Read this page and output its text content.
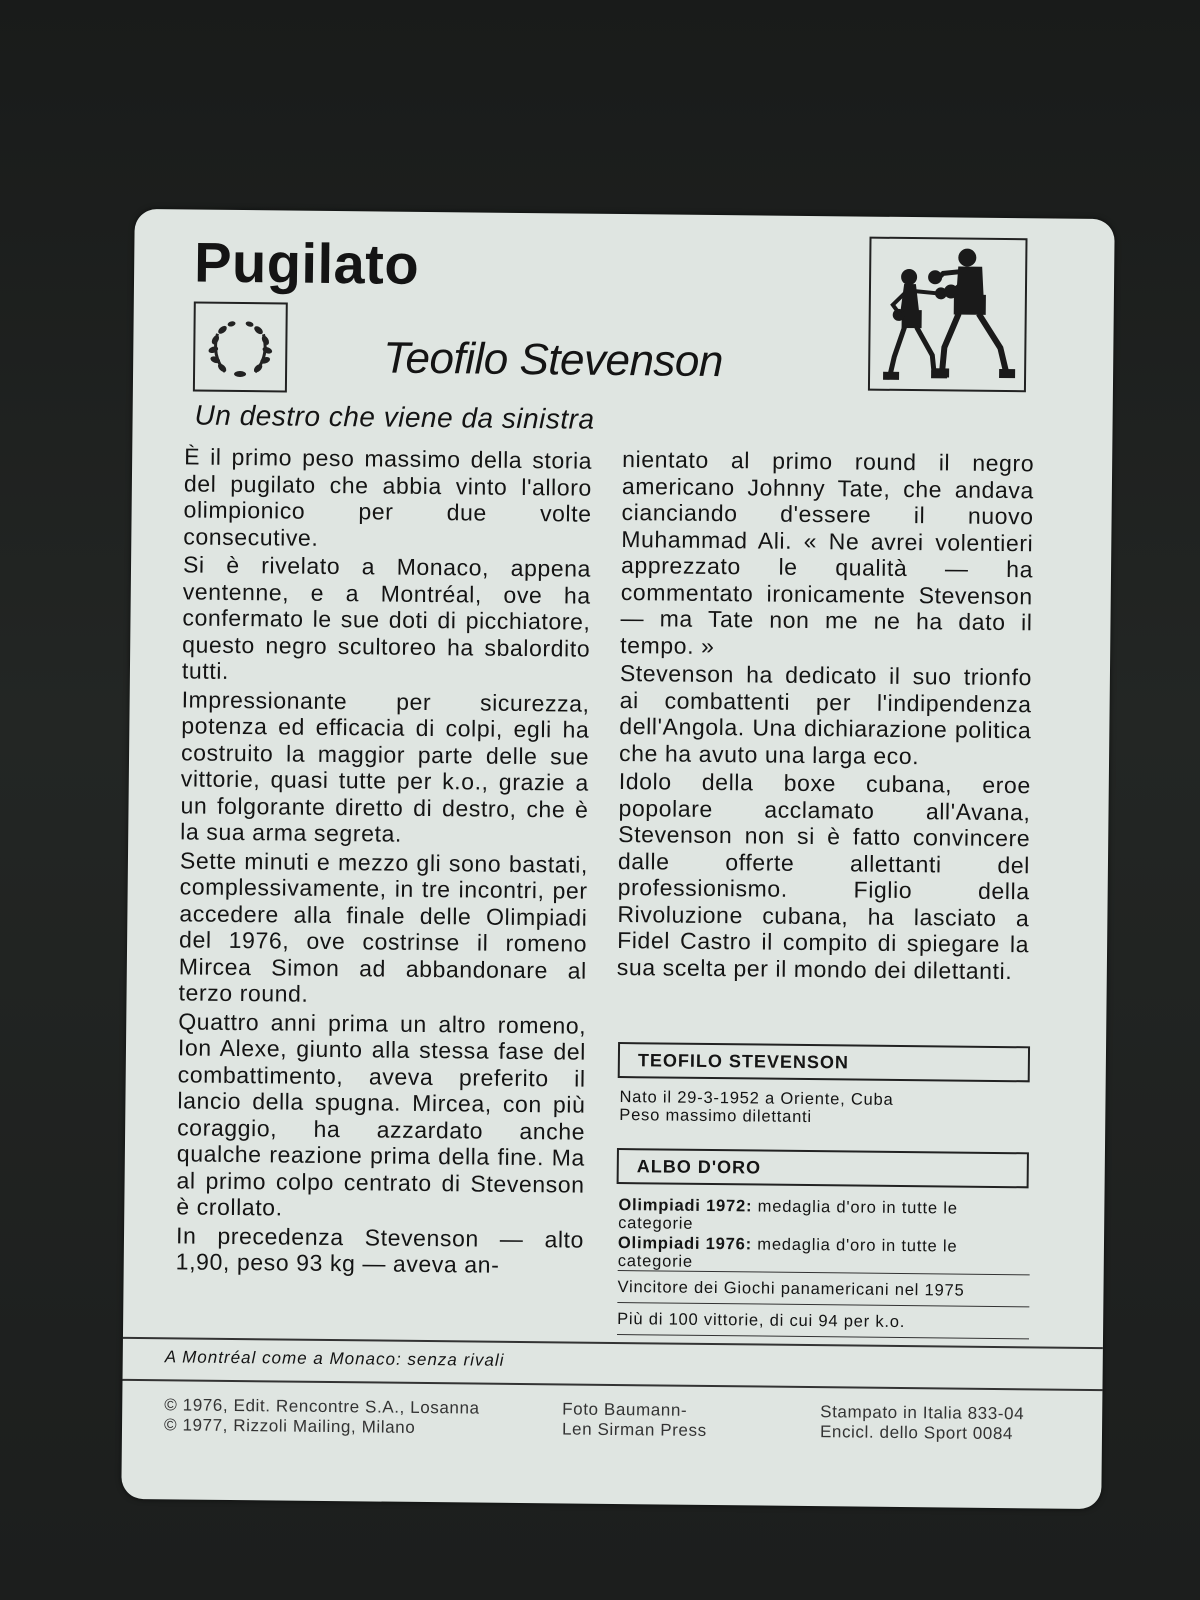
Pugilato
Teofilo Stevenson
Un destro che viene da sinistra

È il primo peso massimo della storia del pugilato che abbia vinto l'alloro olimpionico per due volte consecutive.

Si è rivelato a Monaco, appena ventenne, e a Montréal, ove ha confermato le sue doti di picchiatore, questo negro scultoreo ha sbalordito tutti.

Impressionante per sicurezza, potenza ed efficacia di colpi, egli ha costruito la maggior parte delle sue vittorie, quasi tutte per k.o., grazie a un folgorante diretto di destro, che è la sua arma segreta.

Sette minuti e mezzo gli sono bastati, complessivamente, in tre incontri, per accedere alla finale delle Olimpiadi del 1976, ove costrinse il romeno Mircea Simon ad abbandonare al terzo round.

Quattro anni prima un altro romeno, Ion Alexe, giunto alla stessa fase del combattimento, aveva preferito il lancio della spugna. Mircea, con più coraggio, ha azzardato anche qualche reazione prima della fine. Ma al primo colpo centrato di Stevenson è crollato.

In precedenza Stevenson — alto 1,90, peso 93 kg — aveva an-

nientato al primo round il negro americano Johnny Tate, che andava cianciando d'essere il nuovo Muhammad Ali. « Ne avrei volentieri apprezzato le qualità — ha commentato ironicamente Stevenson — ma Tate non me ne ha dato il tempo. »

Stevenson ha dedicato il suo trionfo ai combattenti per l'indipendenza dell'Angola. Una dichiarazione politica che ha avuto una larga eco.

Idolo della boxe cubana, eroe popolare acclamato all'Avana, Stevenson non si è fatto convincere dalle offerte allettanti del professionismo. Figlio della Rivoluzione cubana, ha lasciato a Fidel Castro il compito di spiegare la sua scelta per il mondo dei dilettanti.

TEOFILO STEVENSON
Nato il 29-3-1952 a Oriente, Cuba
Peso massimo dilettanti
ALBO D'ORO
Olimpiadi 1972: medaglia d'oro in tutte le categorie
Olimpiadi 1976: medaglia d'oro in tutte le categorie
Vincitore dei Giochi panamericani nel 1975
Più di 100 vittorie, di cui 94 per k.o.
A Montréal come a Monaco: senza rivali
© 1976, Edit. Rencontre S.A., Losanna
© 1977, Rizzoli Mailing, Milano
Foto Baumann-
Len Sirman Press
Stampato in Italia 833-04
Encicl. dello Sport 0084
